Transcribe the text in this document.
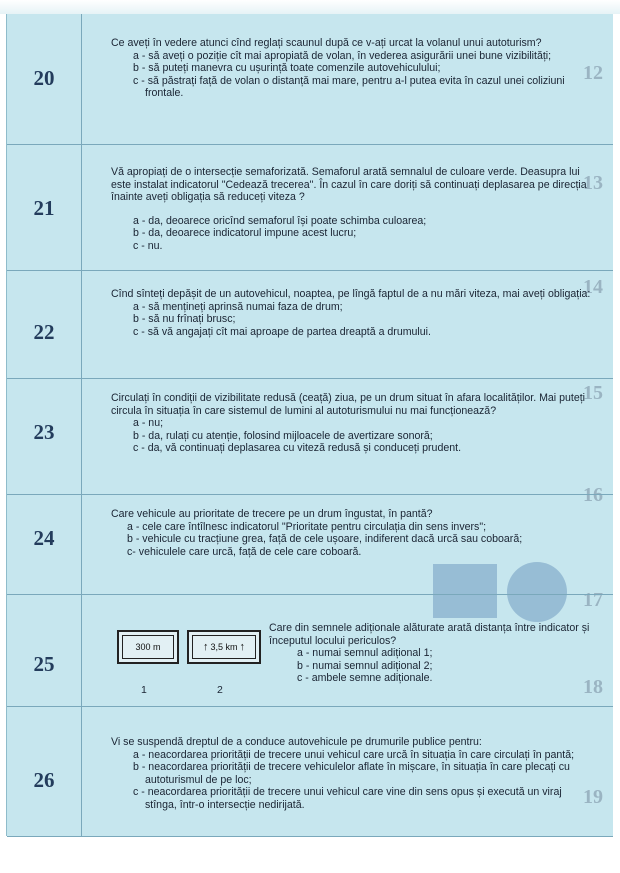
12
13
14
15
16
17
18
19
20

Ce aveți în vedere atunci cînd reglați scaunul după ce v-ați urcat la volanul unui autoturism?

a - să aveți o poziție cît mai apropiată de volan, în vederea asigurării unei bune vizibilități;

b - să puteți manevra cu ușurință toate comenzile autovehiculului;

c - să păstrați față de volan o distanță mai mare, pentru a-l putea evita în cazul unei coliziuni frontale.

21

Vă apropiați de o intersecție semaforizată. Semaforul arată semnalul de culoare verde. Deasupra lui este instalat indicatorul "Cedează trecerea". În cazul în care doriți să continuați deplasarea pe direcția înainte aveți obligația să reduceți viteza ?

a - da, deoarece oricînd semaforul își poate schimba culoarea;

b - da, deoarece indicatorul impune acest lucru;

c - nu.

22

Cînd sînteți depășit de un autovehicul, noaptea, pe lîngă faptul de a nu mări viteza, mai aveți obligația:

a - să mențineți aprinsă numai faza de drum;

b - să nu frînați brusc;

c - să vă angajați cît mai aproape de partea dreaptă a drumului.

23

Circulați în condiții de vizibilitate redusă (ceață) ziua, pe un drum situat în afara localităților. Mai puteți circula în situația în care sistemul de lumini al autoturismului nu mai funcționează?

a - nu;

b - da, rulați cu atenție, folosind mijloacele de avertizare sonoră;

c - da, vă continuați deplasarea cu viteză redusă și conduceți prudent.

24

Care vehicule au prioritate de trecere pe un drum îngustat, în pantă?

a - cele care întîlnesc indicatorul "Prioritate pentru circulația din sens invers";

b - vehicule cu tracțiune grea, față de cele ușoare, indiferent dacă urcă sau coboară;

c- vehiculele care urcă, față de cele care coboară.

25
300 m
1
↑ 3,5 km ↑
2

Care din semnele adiționale alăturate arată distanța între indicator și începutul locului periculos?

a - numai semnul adițional 1;

b - numai semnul adițional 2;

c - ambele semne adiționale.

26

Vi se suspendă dreptul de a conduce autovehicule pe drumurile publice pentru:

a - neacordarea priorității de trecere unui vehicul care urcă în situația în care circulați în pantă;

b - neacordarea priorității de trecere vehiculelor aflate în mișcare, în situația în care plecați cu autoturismul de pe loc;

c - neacordarea priorității de trecere unui vehicul care vine din sens opus și execută un viraj stînga, într-o intersecție nedirijată.
